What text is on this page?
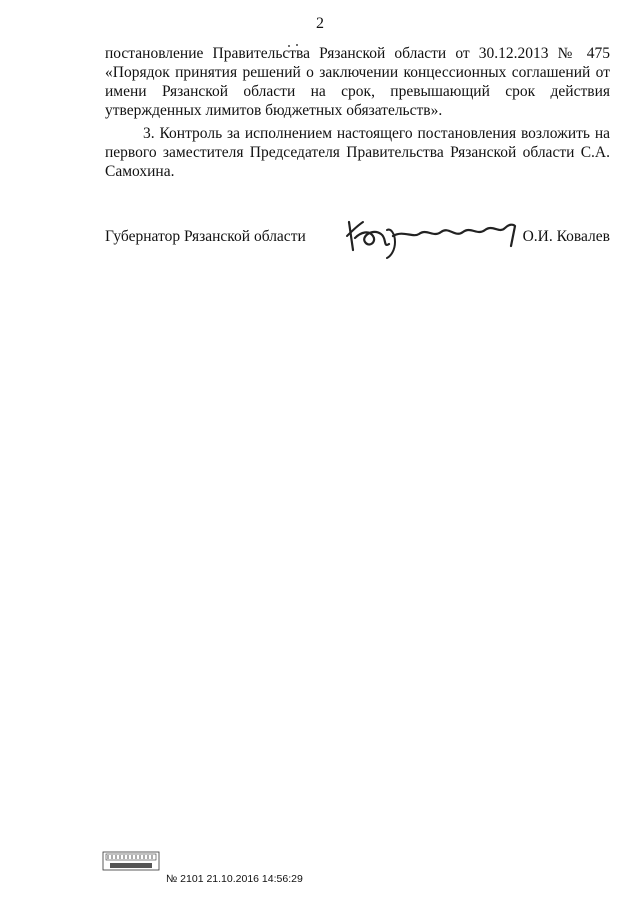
2

постановление Правительства Рязанской области от 30.12.2013 № 475 «Порядок принятия решений о заключении концессионных соглашений от имени Рязанской области на срок, превышающий срок действия утвержденных лимитов бюджетных обязательств».

3. Контроль за исполнением настоящего постановления возложить на первого заместителя Председателя Правительства Рязанской области С.А. Самохина.

Губернатор Рязанской области	О.И. Ковалев
№ 2101 21.10.2016 14:56:29
